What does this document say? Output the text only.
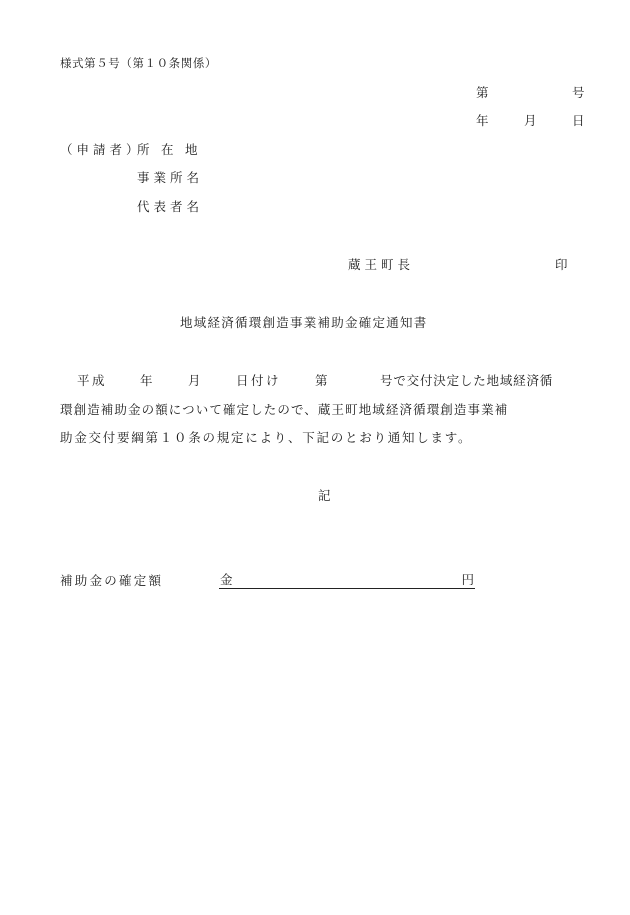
様式第５号（第１０条関係）
第	号
年	月	日
（申請者）
所 在 地
事業所名
代表者名
蔵王町長	印
地域経済循環創造事業補助金確定通知書
平成	年	月	日付け	第	号で交付決定した地域経済循
環創造補助金の額について確定したので、蔵王町地域経済循環創造事業補
助金交付要綱第１０条の規定により、下記のとおり通知します。
記
補助金の確定額	金	円
